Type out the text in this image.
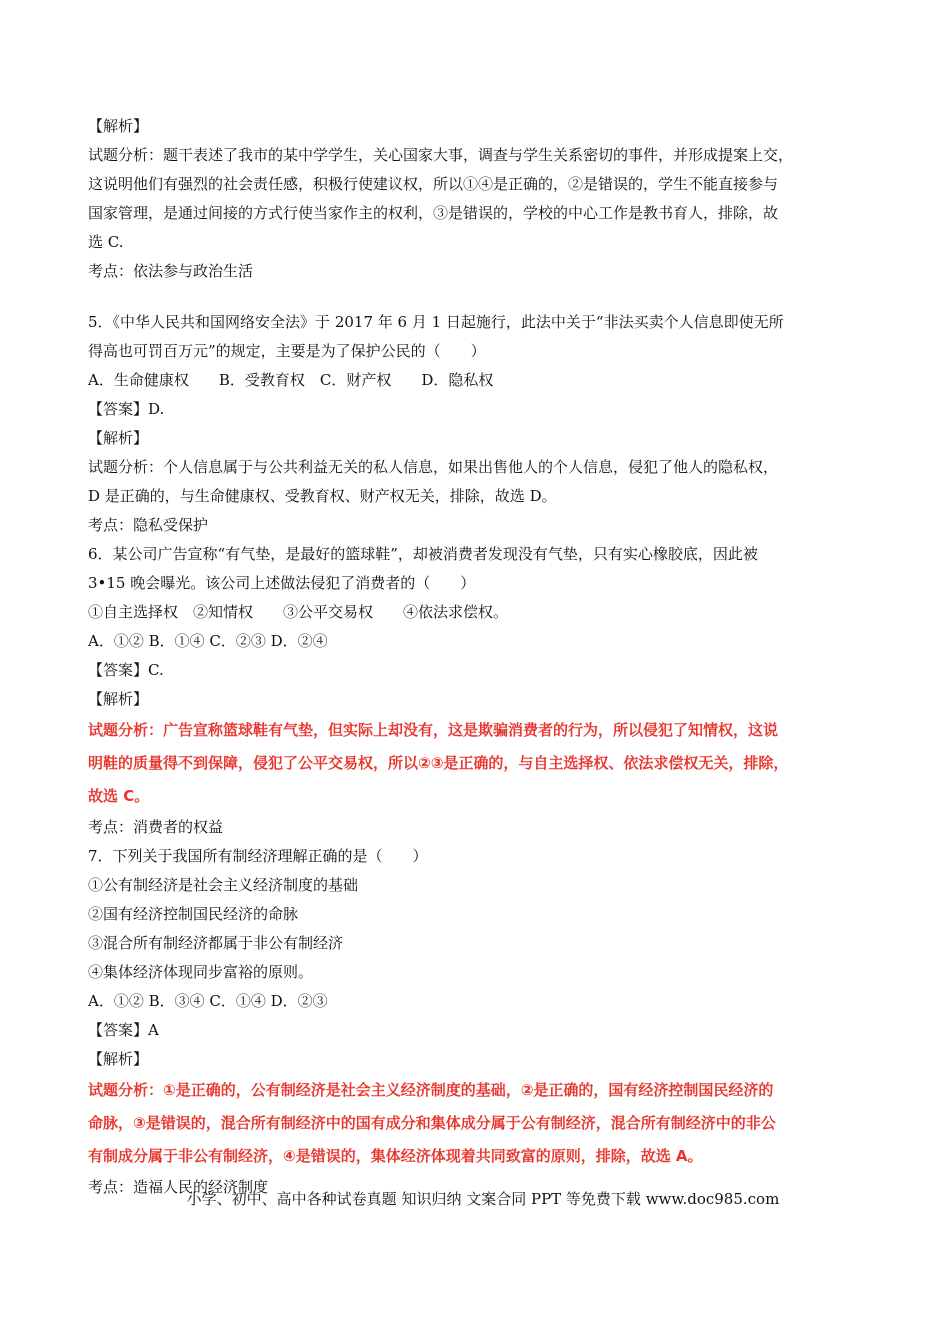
【解析】
试题分析：题干表述了我市的某中学学生，关心国家大事，调查与学生关系密切的事件，并形成提案上交，
这说明他们有强烈的社会责任感，积极行使建议权，所以①④是正确的，②是错误的，学生不能直接参与
国家管理，是通过间接的方式行使当家作主的权利，③是错误的，学校的中心工作是教书育人，排除，故
选 C.
考点：依法参与政治生活
5．《中华人民共和国网络安全法》于 2017 年 6 月 1 日起施行，此法中关于“非法买卖个人信息即使无所
得高也可罚百万元”的规定，主要是为了保护公民的（　　）
A．生命健康权　　B．受教育权　C．财产权　　D．隐私权
【答案】D.
【解析】
试题分析：个人信息属于与公共利益无关的私人信息，如果出售他人的个人信息，侵犯了他人的隐私权，
D 是正确的，与生命健康权、受教育权、财产权无关，排除，故选 D。
考点：隐私受保护
6．某公司广告宣称“有气垫，是最好的篮球鞋”，却被消费者发现没有气垫，只有实心橡胶底，因此被
3•15 晚会曝光。该公司上述做法侵犯了消费者的（　　）
①自主选择权　②知情权　　③公平交易权　　④依法求偿权。
A．①② B．①④ C．②③ D．②④
【答案】C.
【解析】
试题分析：广告宣称篮球鞋有气垫，但实际上却没有，这是欺骗消费者的行为，所以侵犯了知情权，这说
明鞋的质量得不到保障，侵犯了公平交易权，所以②③是正确的，与自主选择权、依法求偿权无关，排除，
故选 C。
考点：消费者的权益
7．下列关于我国所有制经济理解正确的是（　　）
①公有制经济是社会主义经济制度的基础
②国有经济控制国民经济的命脉
③混合所有制经济都属于非公有制经济
④集体经济体现同步富裕的原则。
A．①② B．③④ C．①④ D．②③
【答案】A
【解析】
试题分析：①是正确的，公有制经济是社会主义经济制度的基础，②是正确的，国有经济控制国民经济的
命脉，③是错误的，混合所有制经济中的国有成分和集体成分属于公有制经济，混合所有制经济中的非公
有制成分属于非公有制经济，④是错误的，集体经济体现着共同致富的原则，排除，故选 A。
考点：造福人民的经济制度
小学、初中、高中各种试卷真题 知识归纳 文案合同 PPT 等免费下载 www.doc985.com
